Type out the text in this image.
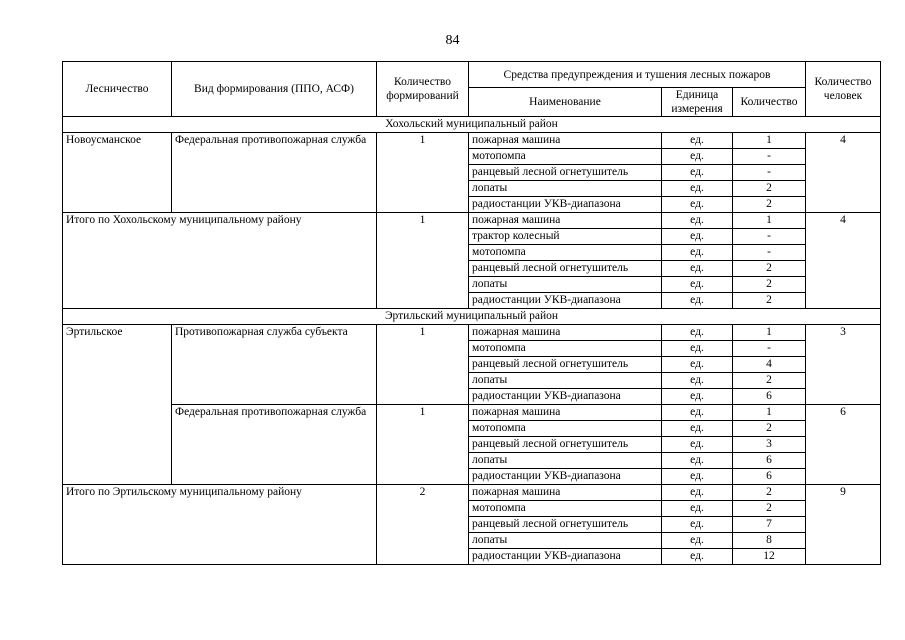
84
Лесничество	Вид формирования (ППО, АСФ)	Количество формирований	Средства предупреждения и тушения лесных пожаров			Количество человек
			Наименование	Единица измерения	Количество	
Хохольский муниципальный район						
Новоусманское	Федеральная противопожарная служба	1	пожарная машина	ед.	1	4
			мотопомпа	ед.	-	
			ранцевый лесной огнетушитель	ед.	-	
			лопаты	ед.	2	
			радиостанции УКВ-диапазона	ед.	2	
Итого по Хохольскому муниципальному району		1	пожарная машина	ед.	1	4
			трактор колесный	ед.	-	
			мотопомпа	ед.	-	
			ранцевый лесной огнетушитель	ед.	2	
			лопаты	ед.	2	
			радиостанции УКВ-диапазона	ед.	2	
Эртильский муниципальный район						
Эртильское	Противопожарная служба субъекта	1	пожарная машина	ед.	1	3
			мотопомпа	ед.	-	
			ранцевый лесной огнетушитель	ед.	4	
			лопаты	ед.	2	
			радиостанции УКВ-диапазона	ед.	6	
	Федеральная противопожарная служба	1	пожарная машина	ед.	1	6
			мотопомпа	ед.	2	
			ранцевый лесной огнетушитель	ед.	3	
			лопаты	ед.	6	
			радиостанции УКВ-диапазона	ед.	6	
Итого по Эртильскому муниципальному району		2	пожарная машина	ед.	2	9
			мотопомпа	ед.	2	
			ранцевый лесной огнетушитель	ед.	7	
			лопаты	ед.	8	
			радиостанции УКВ-диапазона	ед.	12	
